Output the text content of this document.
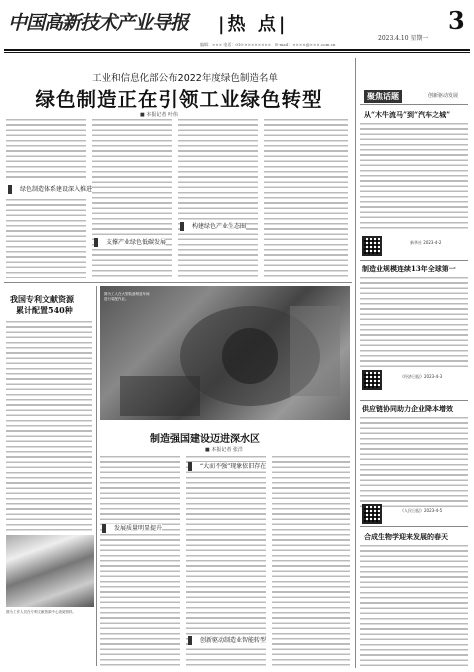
中国高新技术产业导报 |热 点|	3
2023.4.10 星期一
编辑：××× 电话：010-××××××××　E-mail：××××@×××.com.cn
工业和信息化部公布2022年度绿色制造名单
绿色制造正在引领工业绿色转型
■ 本报记者 叶伟
绿色制造体系建设深入推进
支撑产业绿色低碳发展
构建绿色产业生态圈
我国专利文献资源
累计配置540种
图为工作人员在专利文献资源中心查阅资料。
图为工人在大型装备制造车间进行装配作业。
制造强国建设迈进深水区
■ 本报记者 张洋
发展质量明显提升
“大而不强”现象依旧存在
创新驱动制造业智能转型
聚焦话题	创新驱动发展
从“木牛流马”到“汽车之城”
新华社 2023-4-2
制造业规模连续13年全球第一
《经济日报》2023-4-3
供应链协同助力企业降本增效
《人民日报》2023-4-5
合成生物学迎来发展的春天
